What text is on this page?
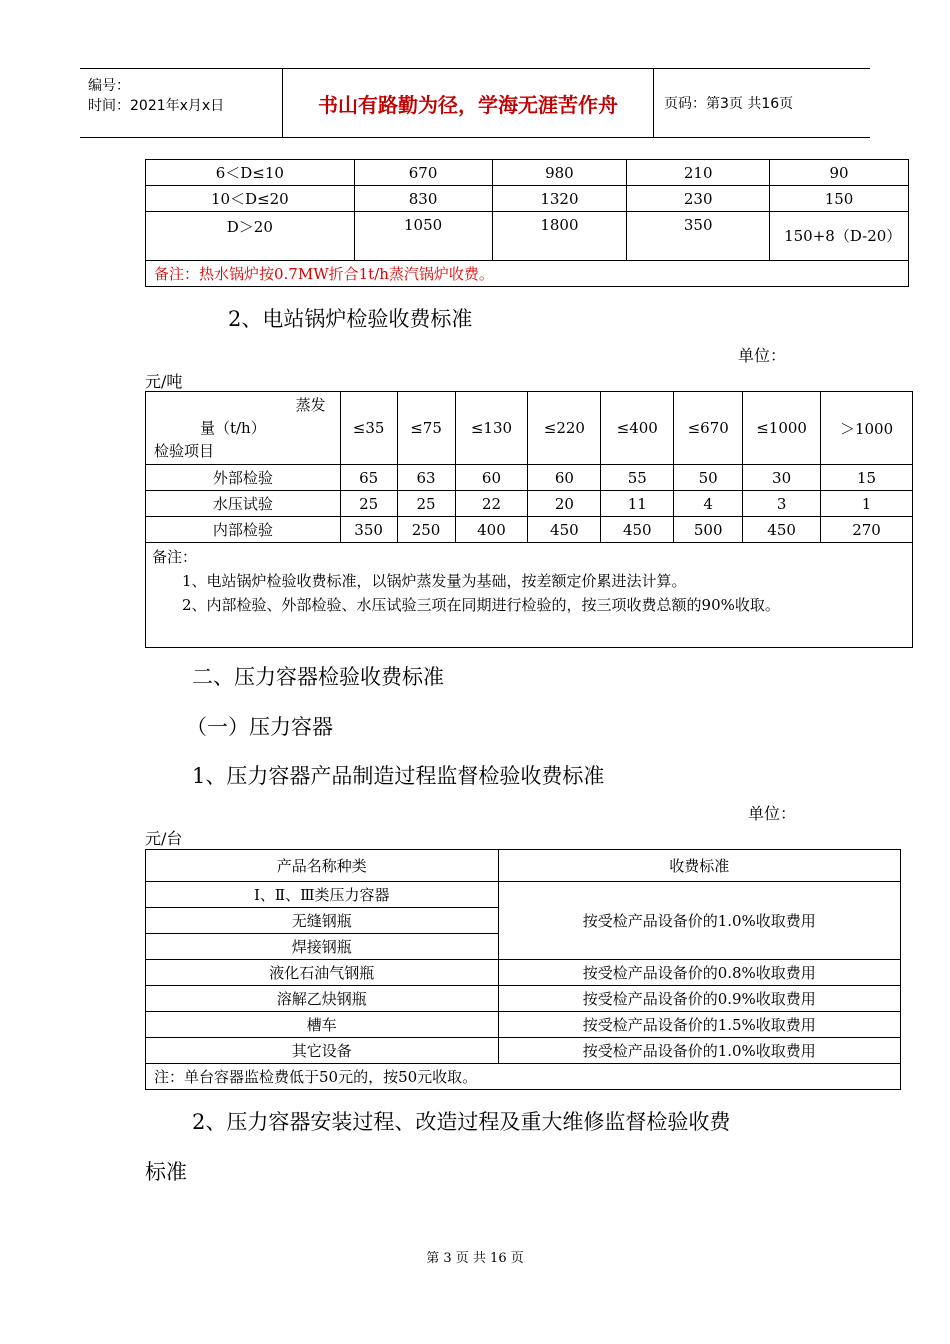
编号：
时间：2021年x月x日	书山有路勤为径，学海无涯苦作舟	页码：第3页 共16页
6＜D≤10	670	980	210	90
10＜D≤20	830	1320	230	150
D＞20	1050	1800	350	150+8（D-20）
备注：热水锅炉按0.7MW折合1t/h蒸汽锅炉收费。				
2、电站锅炉检验收费标准
单位：
元/吨
蒸发
量（t/h）
检验项目	≤35	≤75	≤130	≤220	≤400	≤670	≤1000	＞1000
外部检验	65	63	60	60	55	50	30	15
水压试验	25	25	22	20	11	4	3	1
内部检验	350	250	400	450	450	500	450	270

备注：
1、电站锅炉检验收费标准，以锅炉蒸发量为基础，按差额定价累进法计算。
2、内部检验、外部检验、水压试验三项在同期进行检验的，按三项收费总额的90%收取。								
二、压力容器检验收费标准
（一）压力容器
1、压力容器产品制造过程监督检验收费标准
单位：
元/台
产品名称种类	收费标准
Ⅰ、Ⅱ、Ⅲ类压力容器	按受检产品设备价的1.0%收取费用
无缝钢瓶	
焊接钢瓶	
液化石油气钢瓶	按受检产品设备价的0.8%收取费用
溶解乙炔钢瓶	按受检产品设备价的0.9%收取费用
槽车	按受检产品设备价的1.5%收取费用
其它设备	按受检产品设备价的1.0%收取费用
注：单台容器监检费低于50元的，按50元收取。	
2、压力容器安装过程、改造过程及重大维修监督检验收费
标准
第 3 页 共 16 页
